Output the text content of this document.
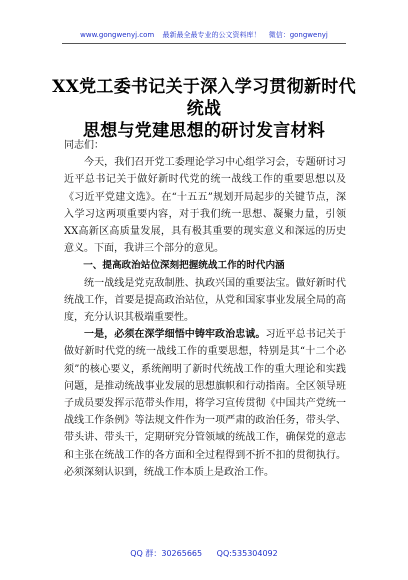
www.gongwenyj.com 最新最全最专业的公文资料库！ 微信：gongwenyj
XX党工委书记关于深入学习贯彻新时代统战
思想与党建思想的研讨发言材料

同志们：

今天，我们召开党工委理论学习中心组学习会，专题研讨习近平总书记关于做好新时代党的统一战线工作的重要思想以及《习近平党建文选》。在“十五五”规划开局起步的关键节点，深入学习这两项重要内容，对于我们统一思想、凝聚力量，引领XX高新区高质量发展，具有极其重要的现实意义和深远的历史意义。下面，我讲三个部分的意见。

一、提高政治站位深刻把握统战工作的时代内涵

统一战线是党克敌制胜、执政兴国的重要法宝。做好新时代统战工作，首要是提高政治站位，从党和国家事业发展全局的高度，充分认识其极端重要性。

一是，必须在深学细悟中铸牢政治忠诚。习近平总书记关于做好新时代党的统一战线工作的重要思想，特别是其“十二个必须”的核心要义，系统阐明了新时代统战工作的重大理论和实践问题，是推动统战事业发展的思想旗帜和行动指南。全区领导班子成员要发挥示范带头作用，将学习宣传贯彻《中国共产党统一战线工作条例》等法规文件作为一项严肃的政治任务，带头学、带头讲、带头干，定期研究分管领域的统战工作，确保党的意志和主张在统战工作的各方面和全过程得到不折不扣的贯彻执行。必须深刻认识到，统战工作本质上是政治工作。

QQ 群：30265665 QQ:535304092
